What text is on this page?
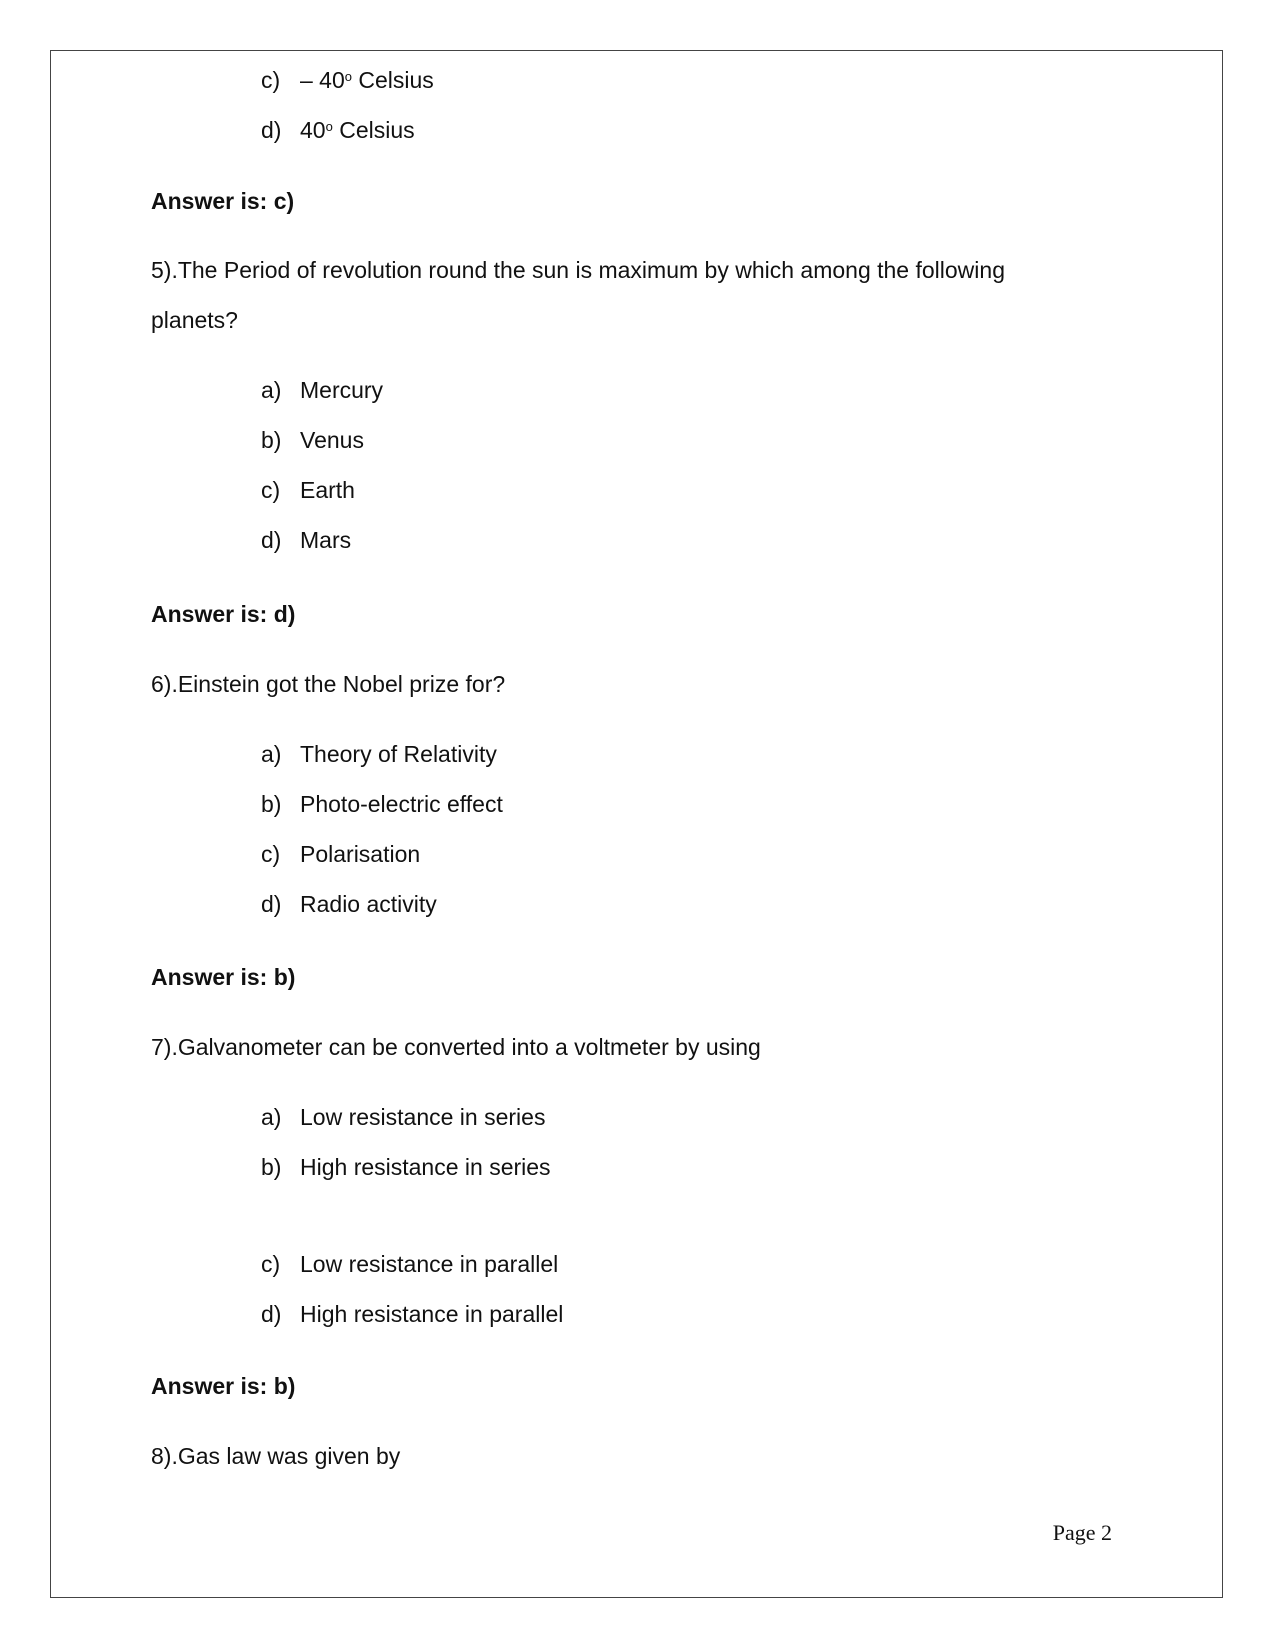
c) – 40$^o$ Celsius
d) 40$^o$ Celsius
Answer is: c)
5).The Period of revolution round the sun is maximum by which among the following
planets?
a) Mercury
b) Venus
c) Earth
d) Mars
Answer is: d)
6).Einstein got the Nobel prize for?
a) Theory of Relativity
b) Photo-electric effect
c) Polarisation
d) Radio activity
Answer is: b)
7).Galvanometer can be converted into a voltmeter by using
a) Low resistance in series
b) High resistance in series
c) Low resistance in parallel
d) High resistance in parallel
Answer is: b)
8).Gas law was given by
Page 2
